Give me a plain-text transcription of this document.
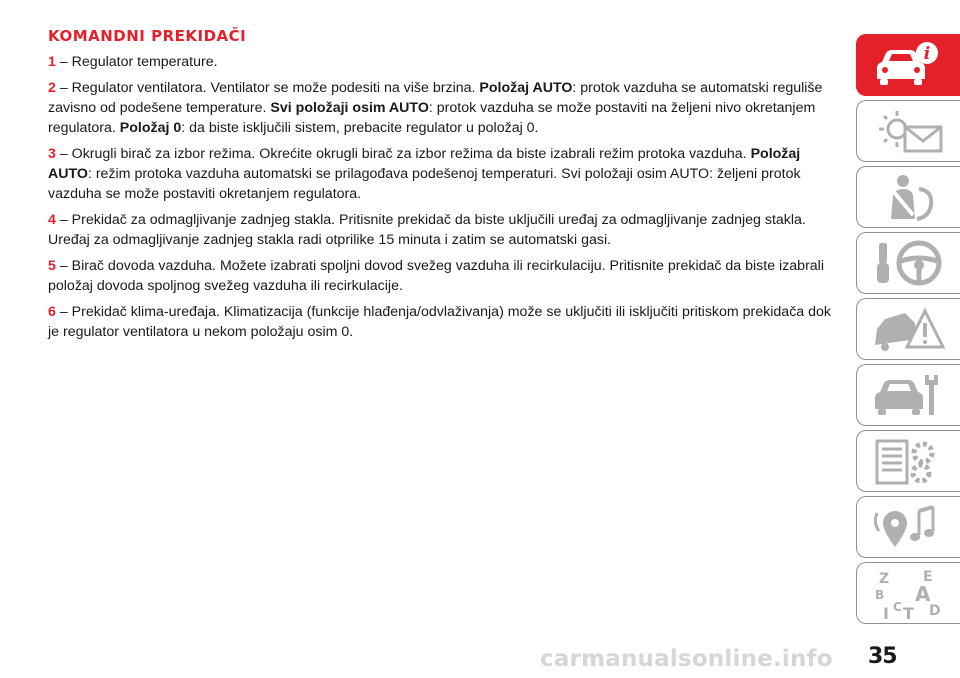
KOMANDNI PREKIDAČI

1 – Regulator temperature.

2 – Regulator ventilatora. Ventilator se može podesiti na više brzina. Položaj AUTO: protok vazduha se automatski reguliše zavisno od podešene temperature. Svi položaji osim AUTO: protok vazduha se može postaviti na željeni nivo okretanjem regulatora. Položaj 0: da biste isključili sistem, prebacite regulator u položaj 0.

3 – Okrugli birač za izbor režima. Okrećite okrugli birač za izbor režima da biste izabrali režim protoka vazduha. Položaj AUTO: režim protoka vazduha automatski se prilagođava podešenoj temperaturi. Svi položaji osim AUTO: željeni protok vazduha se može postaviti okretanjem regulatora.

4 – Prekidač za odmagljivanje zadnjeg stakla. Pritisnite prekidač da biste uključili uređaj za odmagljivanje zadnjeg stakla. Uređaj za odmagljivanje zadnjeg stakla radi otprilike 15 minuta i zatim se automatski gasi.

5 – Birač dovoda vazduha. Možete izabrati spoljni dovod svežeg vazduha ili recirkulaciju. Pritisnite prekidač da biste izabrali položaj dovoda spoljnog svežeg vazduha ili recirkulacije.

6 – Prekidač klima-uređaja. Klimatizacija (funkcije hlađenja/odvlaživanja) može se uključiti ili isključiti pritiskom prekidača dok je regulator ventilatora u nekom položaju osim 0.

i
Z E
B A
C
I T D
carmanualsonline.info 35
